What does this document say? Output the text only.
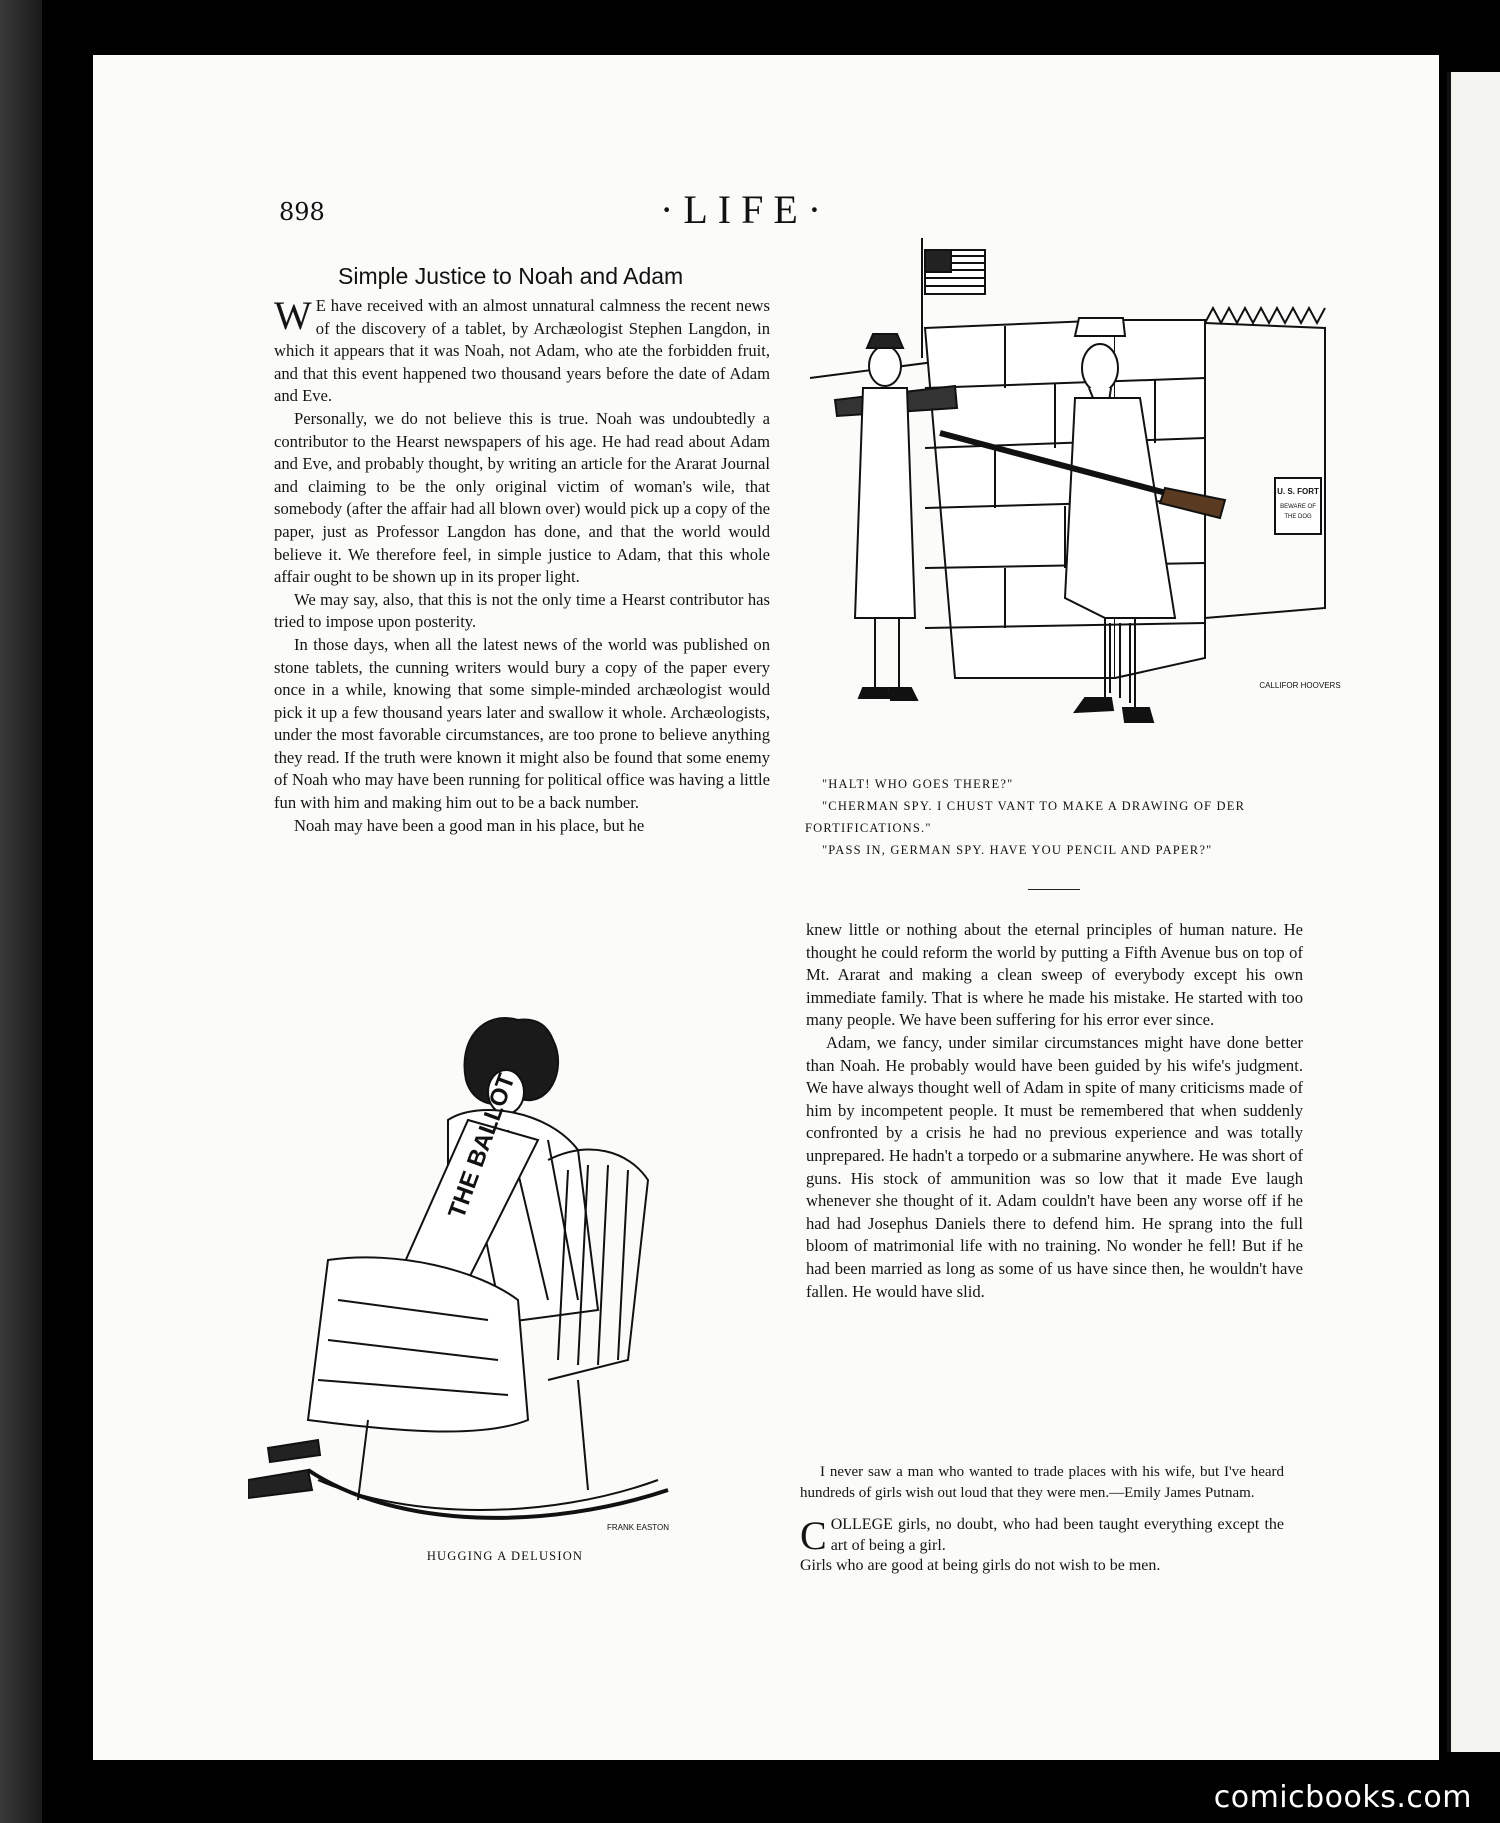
898	·LIFE·
Simple Justice to Noah and Adam

W E have received with an almost unnatural calmness the recent news of the discovery of a tablet, by Archæologist Stephen Langdon, in which it appears that it was Noah, not Adam, who ate the forbidden fruit, and that this event happened two thousand years before the date of Adam and Eve.

Personally, we do not believe this is true. Noah was undoubtedly a contributor to the Hearst newspapers of his age. He had read about Adam and Eve, and probably thought, by writing an article for the Ararat Journal and claiming to be the only original victim of woman's wile, that somebody (after the affair had all blown over) would pick up a copy of the paper, just as Professor Langdon has done, and that the world would believe it. We therefore feel, in simple justice to Adam, that this whole affair ought to be shown up in its proper light.

We may say, also, that this is not the only time a Hearst contributor has tried to impose upon posterity.

In those days, when all the latest news of the world was published on stone tablets, the cunning writers would bury a copy of the paper every once in a while, knowing that some simple-minded archæologist would pick it up a few thousand years later and swallow it whole. Archæologists, under the most favorable circumstances, are too prone to believe anything they read. If the truth were known it might also be found that some enemy of Noah who may have been running for political office was having a little fun with him and making him out to be a back number.

Noah may have been a good man in his place, but he

U. S. FORT
BEWARE OF
THE DOG
CALLIFOR HOOVERS
"HALT! WHO GOES THERE?"
"CHERMAN SPY. I CHUST VANT TO MAKE A DRAWING OF DER FORTIFICATIONS."
"PASS IN, GERMAN SPY. HAVE YOU PENCIL AND PAPER?"

knew little or nothing about the eternal principles of human nature. He thought he could reform the world by putting a Fifth Avenue bus on top of Mt. Ararat and making a clean sweep of everybody except his own immediate family. That is where he made his mistake. He started with too many people. We have been suffering for his error ever since.

Adam, we fancy, under similar circumstances might have done better than Noah. He probably would have been guided by his wife's judgment. We have always thought well of Adam in spite of many criticisms made of him by incompetent people. It must be remembered that when suddenly confronted by a crisis he had no previous experience and was totally unprepared. He hadn't a torpedo or a submarine anywhere. He was short of guns. His stock of ammunition was so low that it made Eve laugh whenever she thought of it. Adam couldn't have been any worse off if he had had Josephus Daniels there to defend him. He sprang into the full bloom of matrimonial life with no training. No wonder he fell! But if he had been married as long as some of us have since then, he wouldn't have fallen. He would have slid.

THE BALLOT
FRANK EASTON
HUGGING A DELUSION

I never saw a man who wanted to trade places with his wife, but I've heard hundreds of girls wish out loud that they were men.—Emily James Putnam.

COLLEGE girls, no doubt, who had been taught everything except the art of being a girl.

Girls who are good at being girls do not wish to be men.

comicbooks.com
